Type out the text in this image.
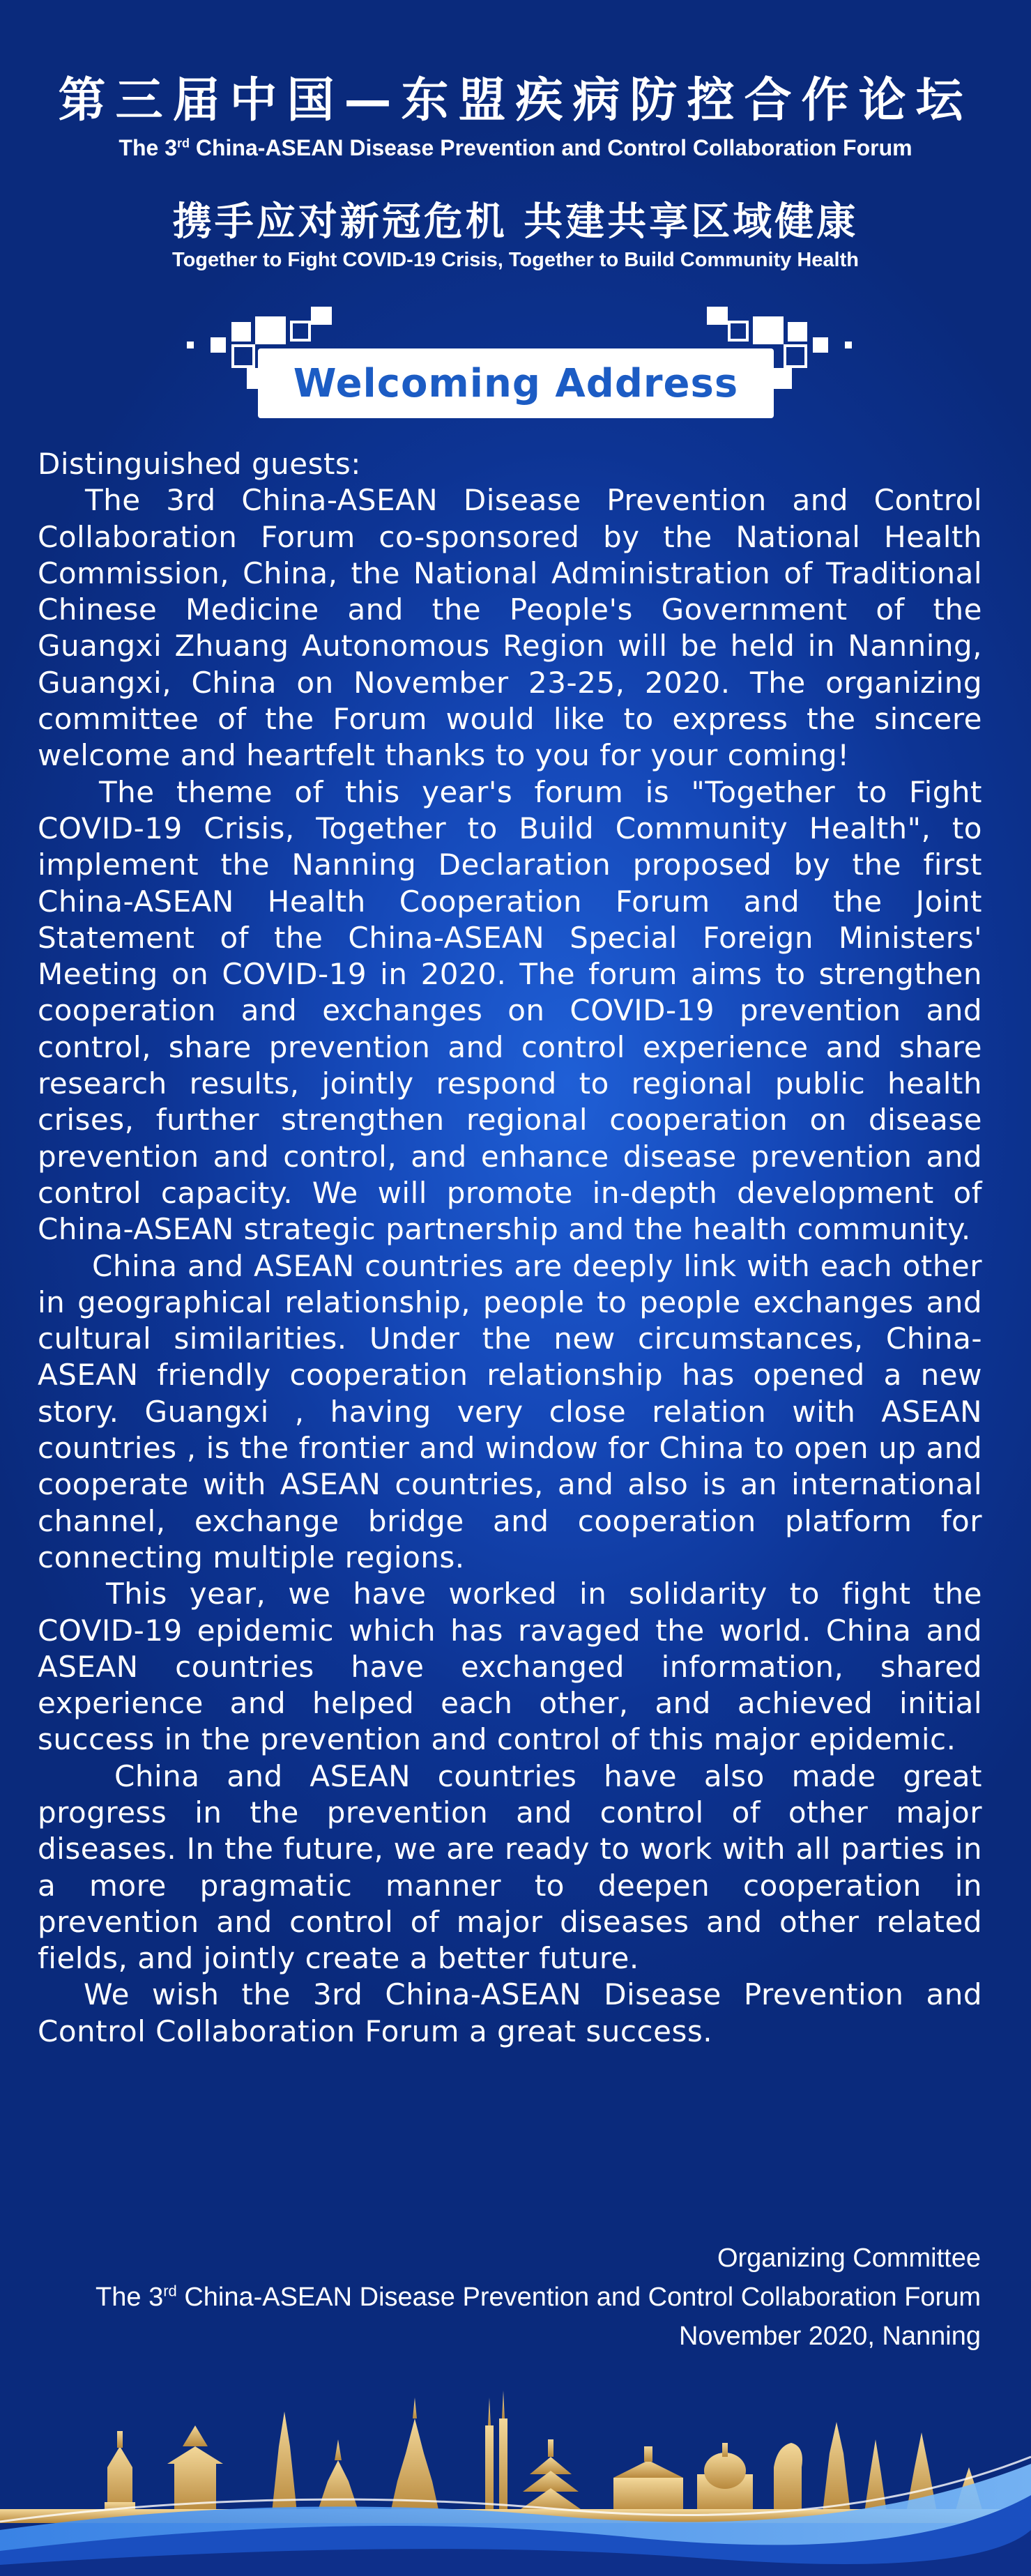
第三届中国—东盟疾病防控合作论坛
The 3rd China-ASEAN Disease Prevention and Control Collaboration Forum
携手应对新冠危机 共建共享区域健康
Together to Fight COVID-19 Crisis, Together to Build Community Health
Welcoming Address

Distinguished guests:

The 3rd China-ASEAN Disease Prevention and Control Collaboration Forum co-sponsored by the National Health Commission, China, the National Administration of Traditional Chinese Medicine and the People's Government of the Guangxi Zhuang Autonomous Region will be held in Nanning, Guangxi, China on November 23-25, 2020. The organizing committee of the Forum would like to express the sincere welcome and heartfelt thanks to you for your coming!

The theme of this year's forum is "Together to Fight COVID-19 Crisis, Together to Build Community Health", to implement the Nanning Declaration proposed by the first China-ASEAN Health Cooperation Forum and the Joint Statement of the China-ASEAN Special Foreign Ministers' Meeting on COVID-19 in 2020. The forum aims to strengthen cooperation and exchanges on COVID-19 prevention and control, share prevention and control experience and share research results, jointly respond to regional public health crises, further strengthen regional cooperation on disease prevention and control, and enhance disease prevention and control capacity. We will promote in-depth development of China-ASEAN strategic partnership and the health community.

China and ASEAN countries are deeply link with each other in geographical relationship, people to people exchanges and cultural similarities. Under the new circumstances, China-ASEAN friendly cooperation relationship has opened a new story. Guangxi , having very close relation with ASEAN countries , is the frontier and window for China to open up and cooperate with ASEAN countries, and also is an international channel, exchange bridge and cooperation platform for connecting multiple regions.

This year, we have worked in solidarity to fight the COVID-19 epidemic which has ravaged the world. China and ASEAN countries have exchanged information, shared experience and helped each other, and achieved initial success in the prevention and control of this major epidemic.

China and ASEAN countries have also made great progress in the prevention and control of other major diseases. In the future, we are ready to work with all parties in a more pragmatic manner to deepen cooperation in prevention and control of major diseases and other related fields, and jointly create a better future.

We wish the 3rd China-ASEAN Disease Prevention and Control Collaboration Forum a great success.

Organizing Committee
The 3rd China-ASEAN Disease Prevention and Control Collaboration Forum
November 2020, Nanning
